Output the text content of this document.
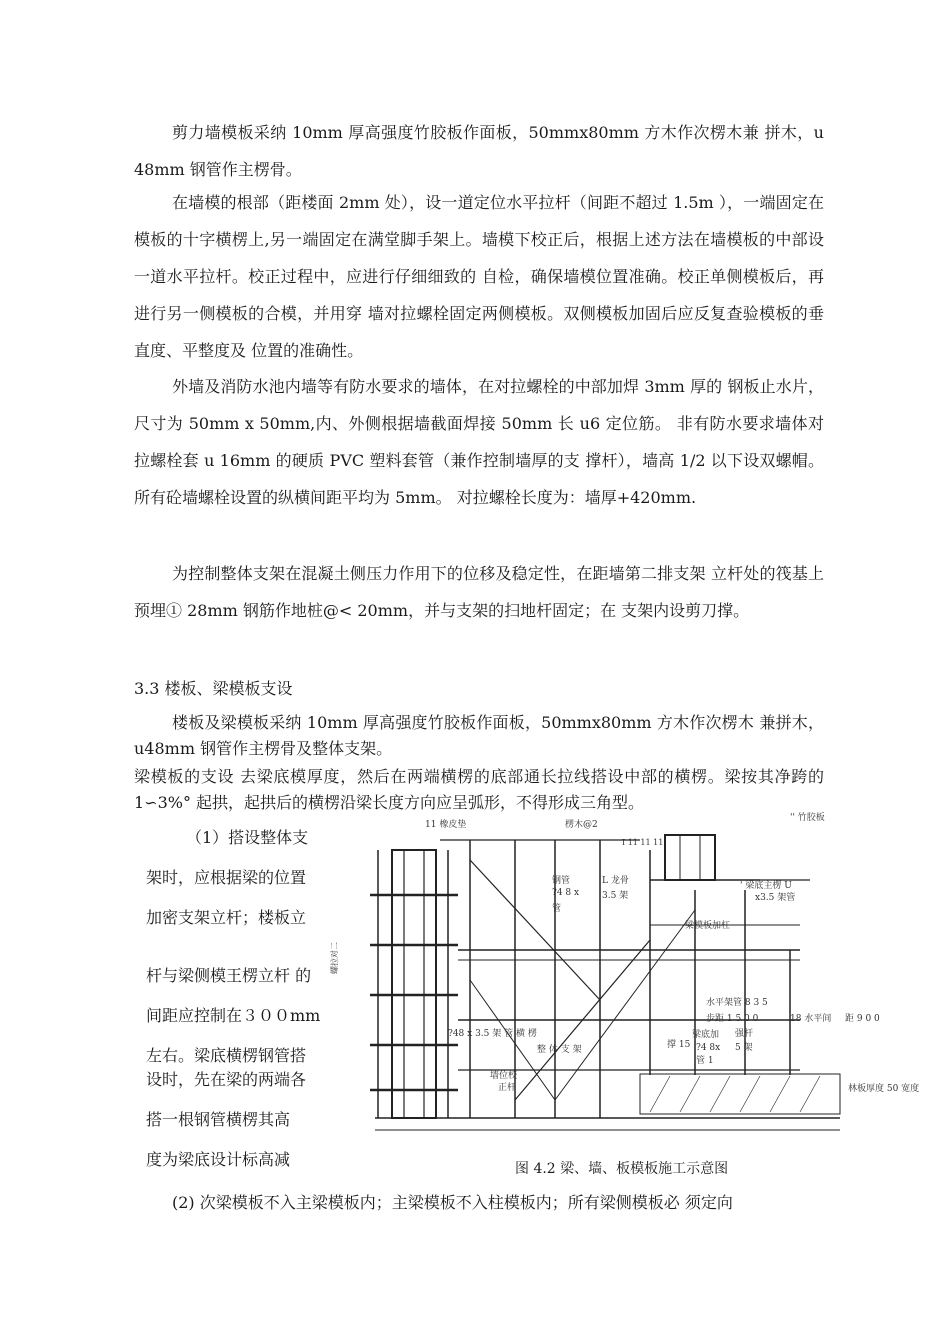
剪力墙模板采纳 10mm 厚高强度竹胶板作面板，50mmx80mm 方木作次楞木兼 拼木，u 48mm 钢管作主楞骨。

在墙模的根部（距楼面 2mm 处），设一道定位水平拉杆（间距不超过 1.5m ），一端固定在模板的十字横楞上,另一端固定在满堂脚手架上。墙模下校正后，根据上述方法在墙模板的中部设一道水平拉杆。校正过程中，应进行仔细细致的 自检，确保墙模位置准确。校正单侧模板后，再进行另一侧模板的合模，并用穿 墙对拉螺栓固定两侧模板。双侧模板加固后应反复查验模板的垂直度、平整度及 位置的准确性。

外墙及消防水池内墙等有防水要求的墙体，在对拉螺栓的中部加焊 3mm 厚的 钢板止水片，尺寸为 50mm x 50mm,内、外侧根据墙截面焊接 50mm 长 u6 定位筋。 非有防水要求墙体对拉螺栓套 u 16mm 的硬质 PVC 塑料套管（兼作控制墙厚的支 撑杆），墙高 1/2 以下设双螺帽。所有砼墙螺栓设置的纵横间距平均为 5mm。 对拉螺栓长度为：墙厚+420mm.

为控制整体支架在混凝土侧压力作用下的位移及稳定性，在距墙第二排支架 立杆处的筏基上预埋① 28mm 钢筋作地桩@< 20mm，并与支架的扫地杆固定；在 支架内设剪刀撑。

3.3 楼板、梁模板支设

楼板及梁模板采纳 10mm 厚高强度竹胶板作面板，50mmx80mm 方木作次楞木 兼拼木，u48mm 钢管作主楞骨及整体支架。

梁模板的支设 去梁底模厚度，然后在两端横楞的底部通长拉线搭设中部的横楞。梁按其净跨的 1∽3%° 起拱，起拱后的横楞沿梁长度方向应呈弧形，不得形成三角型。

（1）搭设整体支
架时，应根据梁的位置
加密支架立杆；楼板立
杆与梁侧模王楞立杆 的
间距应控制在３００mm
左右。梁底横楞钢管搭
设时，先在梁的两端各
搭一根钢管横楞其高
度为梁底设计标高减
11 橡皮垫	楞木@2
'' 竹胶板
I 11 11 11
钢管
?4 8 x
L 龙骨
3.5 架
管
' 梁底主楞 U
x3.5 架管
梁模板加杠
螺拉对二
水平架管 8 3 5
步距 1 5 0 0	18 水平间 距 9 0 0
?48 x 3.5 架 管 横 楞
撑 15
梁底加 强杆
?4 8x 5 架
管 1
整 体 支 架
墙位校
正杆	林板厚度 50 宽度

图 4.2 梁、墙、板模板施工示意图

(2) 次梁模板不入主梁模板内；主梁模板不入柱模板内；所有梁侧模板必 须定向
